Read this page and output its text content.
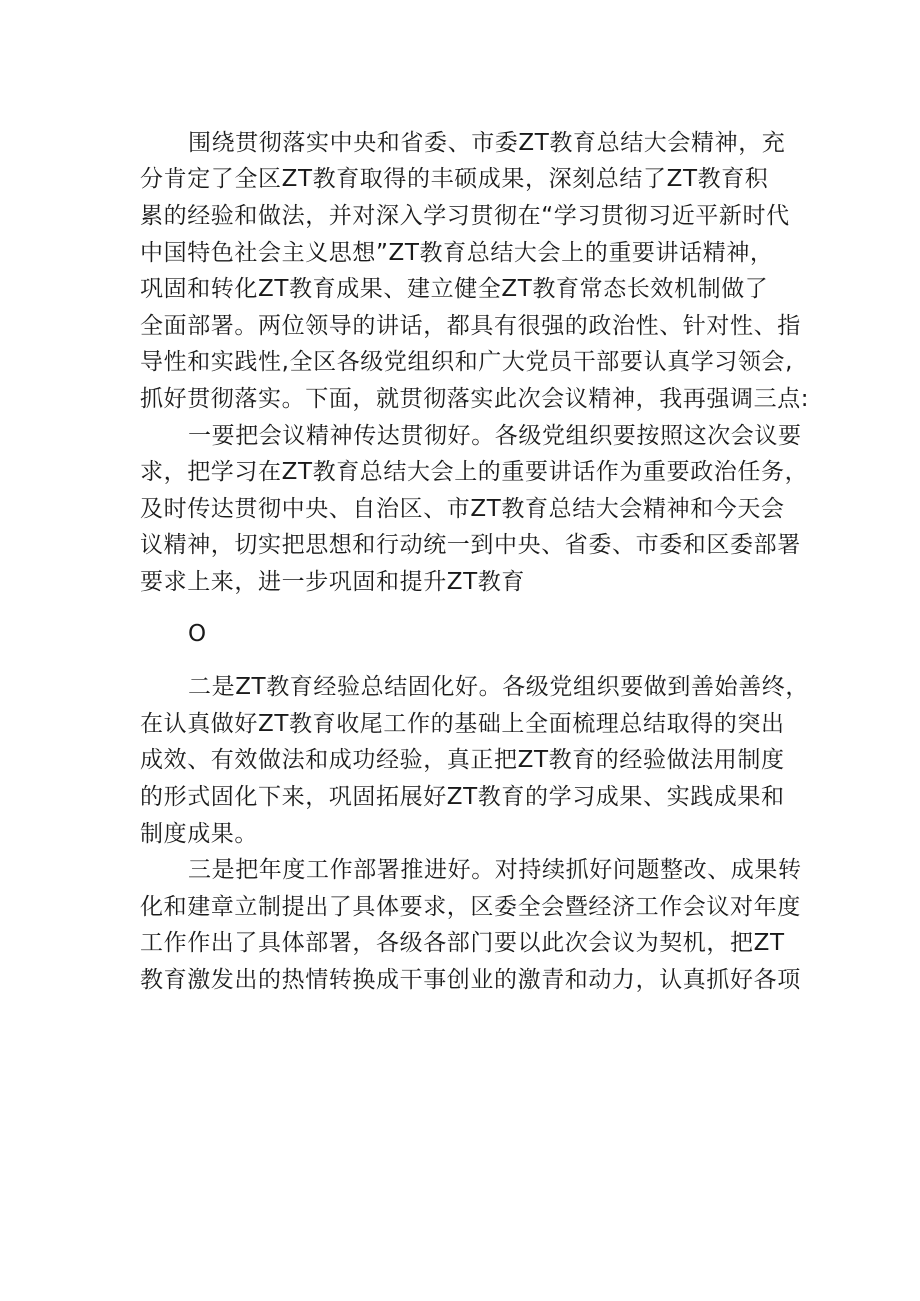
围绕贯彻落实中央和省委、市委ZT教育总结大会精神，充

分肯定了全区ZT教育取得的丰硕成果，深刻总结了ZT教育积

累的经验和做法，并对深入学习贯彻在“学习贯彻习近平新时代

中国特色社会主义思想”ZT教育总结大会上的重要讲话精神，

巩固和转化ZT教育成果、建立健全ZT教育常态长效机制做了

全面部署。两位领导的讲话，都具有很强的政治性、针对性、指

导性和实践性,全区各级党组织和广大党员干部要认真学习领会,

抓好贯彻落实。下面，就贯彻落实此次会议精神，我再强调三点:

一要把会议精神传达贯彻好。各级党组织要按照这次会议要

求，把学习在ZT教育总结大会上的重要讲话作为重要政治任务，

及时传达贯彻中央、自治区、市ZT教育总结大会精神和今天会

议精神，切实把思想和行动统一到中央、省委、市委和区委部署

要求上来，进一步巩固和提升ZT教育

O

二是ZT教育经验总结固化好。各级党组织要做到善始善终，

在认真做好ZT教育收尾工作的基础上全面梳理总结取得的突出

成效、有效做法和成功经验，真正把ZT教育的经验做法用制度

的形式固化下来，巩固拓展好ZT教育的学习成果、实践成果和

制度成果。

三是把年度工作部署推进好。对持续抓好问题整改、成果转

化和建章立制提出了具体要求，区委全会暨经济工作会议对年度

工作作出了具体部署，各级各部门要以此次会议为契机，把ZT

教育激发出的热情转换成干事创业的激青和动力，认真抓好各项
